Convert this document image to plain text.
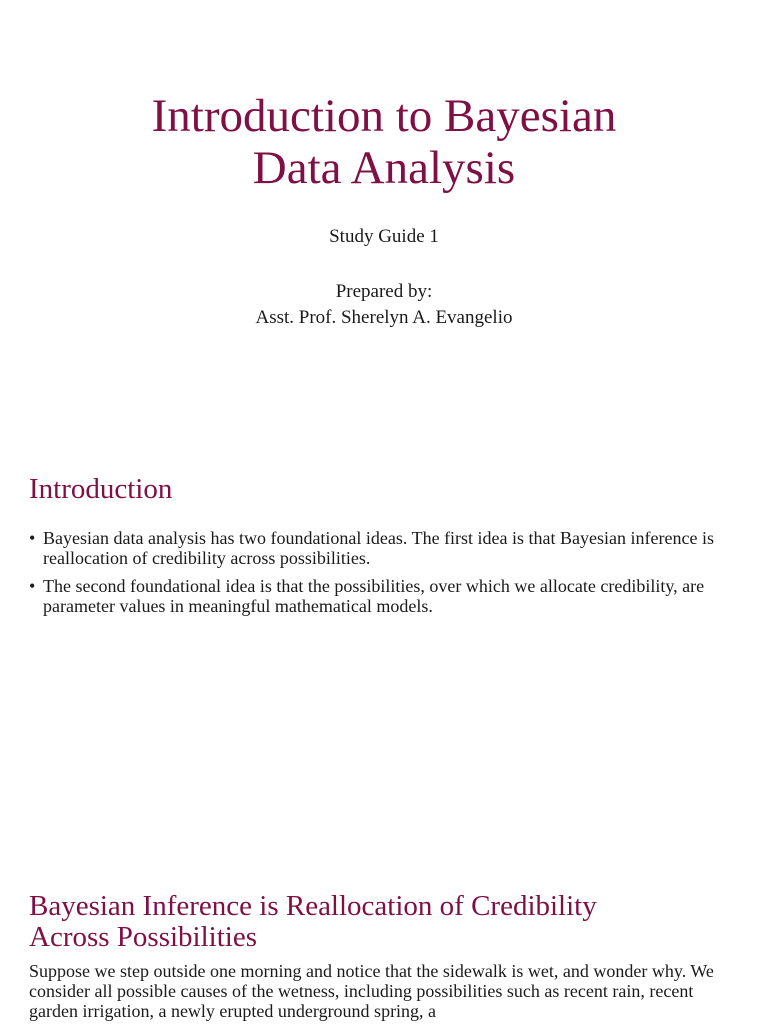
Introduction to Bayesian
Data Analysis
Study Guide 1
Prepared by:
Asst. Prof. Sherelyn A. Evangelio
Introduction
• Bayesian data analysis has two foundational ideas. The first idea is that Bayesian inference is reallocation of credibility across possibilities.
• The second foundational idea is that the possibilities, over which we allocate credibility, are parameter values in meaningful mathematical models.
Bayesian Inference is Reallocation of Credibility
Across Possibilities

Suppose we step outside one morning and notice that the sidewalk is wet, and wonder why. We consider all possible causes of the wetness, including possibilities such as recent rain, recent garden irrigation, a newly erupted underground spring, a
